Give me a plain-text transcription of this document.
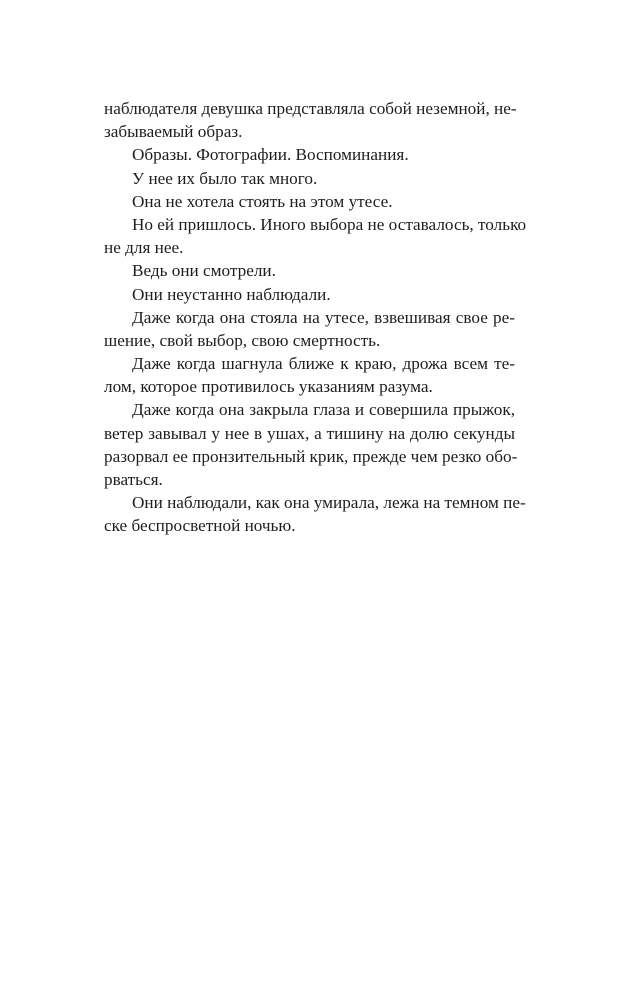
наблюдателя девушка представляла собой неземной, не-
забываемый образ.
Образы. Фотографии. Воспоминания.
У нее их было так много.
Она не хотела стоять на этом утесе.
Но ей пришлось. Иного выбора не оставалось, только
не для нее.
Ведь они смотрели.
Они неустанно наблюдали.
Даже когда она стояла на утесе, взвешивая свое ре-
шение, свой выбор, свою смертность.
Даже когда шагнула ближе к краю, дрожа всем те-
лом, которое противилось указаниям разума.
Даже когда она закрыла глаза и совершила прыжок,
ветер завывал у нее в ушах, а тишину на долю секунды
разорвал ее пронзительный крик, прежде чем резко обо-
рваться.
Они наблюдали, как она умирала, лежа на темном пе-
ске беспросветной ночью.
